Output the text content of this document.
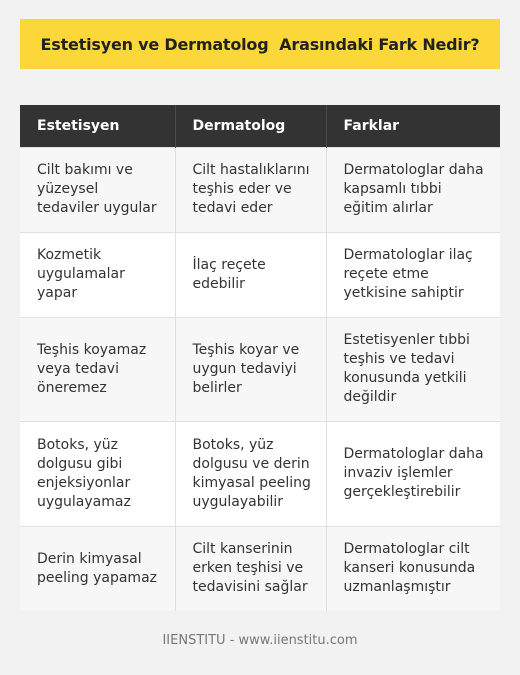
Estetisyen ve Dermatolog  Arasındaki Fark Nedir?
Estetisyen	Dermatolog	Farklar
Cilt bakımı ve yüzeysel tedaviler uygular	Cilt hastalıklarını teşhis eder ve tedavi eder	Dermatologlar daha kapsamlı tıbbi eğitim alırlar
Kozmetik uygulamalar yapar	İlaç reçete edebilir	Dermatologlar ilaç reçete etme yetkisine sahiptir
Teşhis koyamaz veya tedavi öneremez	Teşhis koyar ve uygun tedaviyi belirler	Estetisyenler tıbbi teşhis ve tedavi konusunda yetkili değildir
Botoks, yüz dolgusu gibi enjeksiyonlar uygulayamaz	Botoks, yüz dolgusu ve derin kimyasal peeling uygulayabilir	Dermatologlar daha invaziv işlemler gerçekleştirebilir
Derin kimyasal peeling yapamaz	Cilt kanserinin erken teşhisi ve tedavisini sağlar	Dermatologlar cilt kanseri konusunda uzmanlaşmıştır
IIENSTITU - www.iienstitu.com
